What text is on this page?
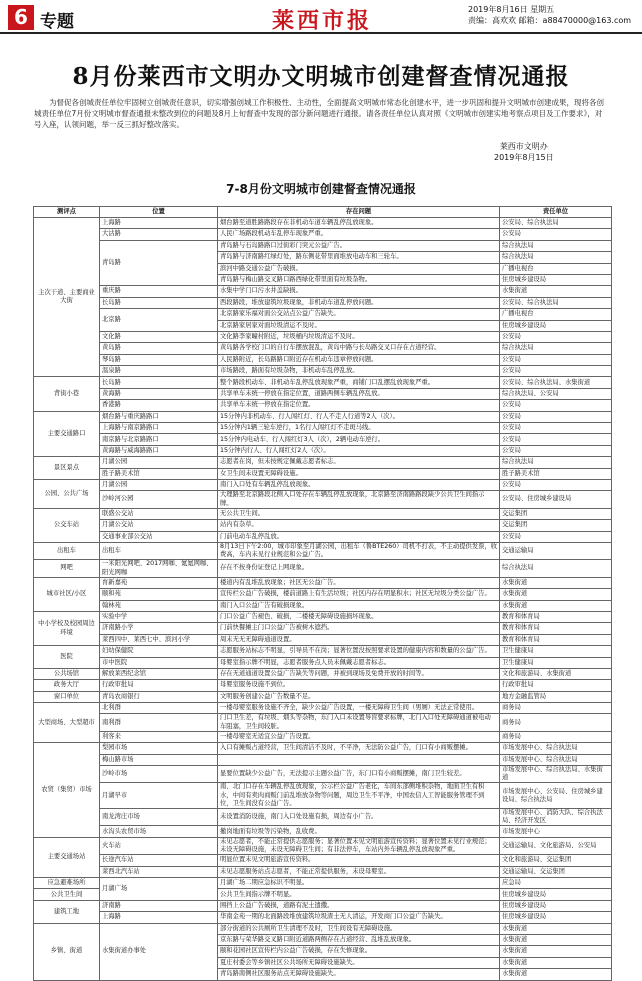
6 专题	莱西市报	2019年8月16日 星期五
责编：高欢欢 邮箱：a88470000@163.com
8月份莱西市文明办文明城市创建督查情况通报

为督促各创城责任单位牢固树立创城责任意识，切实增强创城工作积极性、主动性，全面提高文明城市常态化创建水平，进一步巩固和提升文明城市创建成果，现将各创城责任单位7月份文明城市督查通报未整改到位的问题及8月上旬督查中发现的部分新问题进行通报。请各责任单位认真对照《文明城市创建实地考察点项目及工作要求》，对号入座，认领问题，举一反三抓好整改落实。

莱西市文明办
2019年8月15日
7-8月份文明城市创建督查情况通报
测评点	位置	存在问题	责任单位
主次干道、主要商业大街	上海路	烟台路至道胜路路段存在非机动车道车辆乱停乱放现象。	公安局、综合执法局
	大沽路	人民广场路段机动车乱停车现象严重。	公安局
	青岛路	青岛路与石岛路路口过街彩门突元公益广告。	综合执法局
		青岛路与济南路红绿灯处，路东侧花带里面堆放电动车和三轮车。	综合执法局
		滨河中路交通公益广告破损。	广播电视台
		青岛路与梅山路交叉路口路西绿化带里面有垃圾杂物。	住房城乡建设局
	重庆路	水集中学门口污水井盖缺损。	水集街道
	长岛路	西段路段，堆放建筑垃圾现象，非机动车道乱停放问题。	公安局、综合执法局
	北京路	北京路家乐福对面公交站点公益广告缺失。	广播电视台
		北京路家居家对面垃圾清运不及时。	住房城乡建设局
	文化路	文化路李家疃村附近，垃圾桶内垃圾清运不及时。	公安局
	黄岛路	黄岛路各学校门口的自行车摆放混乱，黄岛中路与长岛路交叉口存在占道经营。	综合执法局
	琴岛路	人民路附近，长岛路路口附近存在机动车违章停放问题。	公安局
	温泉路	市场路段，路面有垃圾杂物，非机动车乱停乱放。	公安局
背街小巷	长岛路	整个路段机动车、非机动车乱停乱放现象严重，商铺门口乱摆乱放现象严重。	公安局、综合执法局、水集街道
	黄海路	共享单车未统一停放在指定位置，道路两侧车辆乱停乱放。	综合执法局、公安局
	香港路	共享单车未统一停放在指定位置。	公安局
主要交通路口	烟台路与重庆路路口	15分钟内非机动车、行人闯红灯、行人不走人行道等2人（次）。	公安局
	上海路与南京路路口	15分钟内1辆三轮车逆行，1名行人闯红灯不走斑马线。	公安局
	南京路与北京路路口	15分钟内电动车、行人闯红灯3人（次），2辆电动车逆行。	公安局
	黄海路与威海路路口	15分钟内行人、行人闯红灯2人（次）。	公安局
景区景点	月湖公园	志愿者在岗，但未按规定佩戴志愿者标志。	综合执法局
	胜子路美术馆	女卫生间未设置无障碍设施。	胜子路美术馆
公园、公共广场	月湖公园	南门入口处有车辆乱停乱放现象。	公安局
	沙岭河公园	大理路至北京路段北侧入口处存在车辆乱停乱放现象，北京路至济南路路段缺少公共卫生间指示牌。	公安局、住房城乡建设局
公交车站	联盛公交站	无公共卫生间。	交运集团
	月湖公交站	站内有杂草。	交运集团
	交通事业部公交站	门前电动车乱停乱放。	公安局
出租车	出租车	8月13日下午2:00，城市印象至月湖公园，出租车（鲁BTE260）司机不打表，不主动提供发票，收费高，车内未见行业规范和公益广告。	交通运输局
网吧	一米阳光网吧、2017网咖、氪氪网咖、阳光网咖	存在不按身份证登记上网现象。	综合执法局
城市社区/小区	育新嘉苑	楼道内有乱堆乱放现象；社区无公益广告。	水集街道
	颐和苑	宣传栏公益广告破损，楼前道路上有生活垃圾；社区内存在明显积水；社区无垃圾分类公益广告。	水集街道
	翰林苑	南门入口公益广告有破损现象。	水集街道
中小学校及校园周边环境	实验中学	门口公益广告褪色、破损，二楼楼无障碍设施损坏现象。	教育和体育局
	济南路小学	门前快餐摊主门口公益广告被树木遮挡。	教育和体育局
	莱西四中、莱西七中、滨河小学	周末无无无障碍通道设置。	教育和体育局
医院	妇幼保健院	志愿服务站标志不明显，引导员不在岗；显著位置没按照要求设置的健康内容和数量的公益广告。	卫生健康局
	市中医院	母婴室指示牌不明显，志愿者服务点人员未佩戴志愿者标志。	卫生健康局
公共场馆	解放莱西纪念馆	存在无道通道设置公益广告缺失等问题，并被到现场及免费开放的时间等。	文化和旅游局、水集街道
政务大厅	行政审批局	母婴室服务设施不到位。	行政审批局
窗口单位	青岛农商银行	文明服务创建公益广告数量不足。	地方金融监管局
大型商场、大型超市	北利群	一楼母婴室服务设施不齐全，缺少公益广告设置，一楼无障碍卫生间（男厕）无法正常使用。	商务局
	南利群	门口卫生差，有垃圾、烟头等杂物，东门入口未设置导盲要求标牌，北门入口处无障碍通道被电动车阻塞，卫生间较脏。	商务局
	利客来	一楼母婴室无适宜公益广告设置。	商务局
农贸（集贸）市场	梨园市场	入口有摊贩占道经营，卫生间清洁不及时，不平净，无法防公益广告，门口有小商贩摆摊。	市场发展中心、综合执法局
	梅山路市场		市场发展中心、综合执法局
	沙岭市场	显要位置缺少公益广告，无法提示主题公益广告，东门口有小商贩摆摊，南门卫生较差。	市场发展中心、综合执法局、水集街道
	月湖早市	南、北门口存在车辆乱停乱放现象，公示栏公益广告老化，车间东部侧堆积杂物，地面卫生有积水，中间有卖肉商贩门前乱堆放杂物等问题，周边卫生不平净，中国农信人工智能服务管理不到位，卫生间没有公益广告。	市场发展中心、公安局、住房城乡建设局、综合执法局
	南龙湾庄市场	未设置消防设施，南门入口处设施有损，周边有小广告。	市场发展中心、消防大队、综合执法局、经济开发区
	水沟头农贸市场	撤岗地面有垃圾等污染物，乱收费。	市场发展中心
主要交通场站	火车站	未见志愿者，不能正常提供志愿服务；显著位置未见文明旅游宣传资料；显著位置未见行业规范；未设无障碍设施，未设无障碍卫生间；有非法停车，车站内外车辆乱停乱放现象严重。	交通运输局、文化旅游局、公安局
	长途汽车站	明显位置未见文明旅游宣传资料。	文化和旅游局、交运集团
	莱西北汽车站	未见志愿服务站点志愿者，不能正常提供服务，未设母婴室。	交通运输局、交运集团
应急避难场所	月湖广场	月湖广场二期应急标识不明显。	应急局
公共卫生间		公共卫生间指示牌不明显。	住房城乡建设局
建筑工地	济南路	围挡上公益广告破损，道路有泥土遗撒。	住房城乡建设局
	上海路	华南金苑一期的北面路段堆放建筑垃圾渣土无人清运，开发商门口公益广告缺失。	住房城乡建设局
乡镇、街道	水集街道办事处	部分街道的公共厕所卫生清理不及时，卫生间设有无障碍设施。	水集街道
		京东路与荣华路交叉路口附近道路两侧存在占道经营、乱堆乱放现象。	水集街道
		颐和花园社区宣传栏内公益广告破损，存在失修现象。	水集街道
		夏庄村委会等乡镇社区公共场所无障碍设施缺失。	水集街道
		青岛路南侧社区服务站点无障碍设施缺失。	水集街道
